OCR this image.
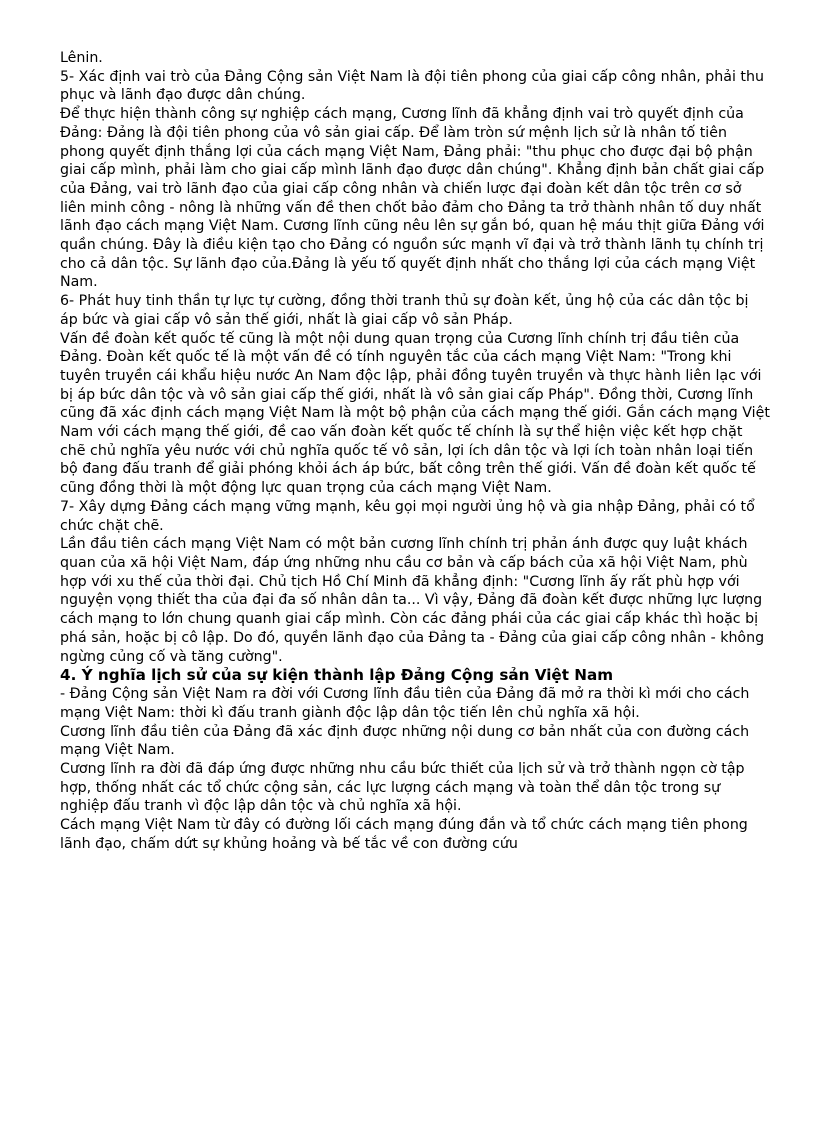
Lênin.

5- Xác định vai trò của Đảng Cộng sản Việt Nam là đội tiên phong của giai cấp công nhân, phải thu phục và lãnh đạo được dân chúng.

Để thực hiện thành công sự nghiệp cách mạng, Cương lĩnh đã khẳng định vai trò quyết định của Đảng: Đảng là đội tiên phong của vô sản giai cấp. Để làm tròn sứ mệnh lịch sử là nhân tố tiên phong quyết định thắng lợi của cách mạng Việt Nam, Đảng phải: "thu phục cho được đại bộ phận giai cấp mình, phải làm cho giai cấp mình lãnh đạo được dân chúng". Khẳng định bản chất giai cấp của Đảng, vai trò lãnh đạo của giai cấp công nhân và chiến lược đại đoàn kết dân tộc trên cơ sở liên minh công - nông là những vấn đề then chốt bảo đảm cho Đảng ta trở thành nhân tố duy nhất lãnh đạo cách mạng Việt Nam. Cương lĩnh cũng nêu lên sự gắn bó, quan hệ máu thịt giữa Đảng với quần chúng. Đây là điều kiện tạo cho Đảng có nguồn sức mạnh vĩ đại và trở thành lãnh tụ chính trị cho cả dân tộc. Sự lãnh đạo của.Đảng là yếu tố quyết định nhất cho thắng lợi của cách mạng Việt Nam.

6- Phát huy tinh thần tự lực tự cường, đồng thời tranh thủ sự đoàn kết, ủng hộ của các dân tộc bị áp bức và giai cấp vô sản thế giới, nhất là giai cấp vô sản Pháp.

Vấn đề đoàn kết quốc tế cũng là một nội dung quan trọng của Cương lĩnh chính trị đầu tiên của Đảng. Đoàn kết quốc tế là một vấn đề có tính nguyên tắc của cách mạng Việt Nam: "Trong khi tuyên truyền cái khẩu hiệu nước An Nam độc lập, phải đồng tuyên truyền và thực hành liên lạc với bị áp bức dân tộc và vô sản giai cấp thế giới, nhất là vô sản giai cấp Pháp". Đồng thời, Cương lĩnh cũng đã xác định cách mạng Việt Nam là một bộ phận của cách mạng thế giới. Gắn cách mạng Việt Nam với cách mạng thế giới, đề cao vấn đoàn kết quốc tế chính là sự thể hiện việc kết hợp chặt chẽ chủ nghĩa yêu nước với chủ nghĩa quốc tế vô sản, lợi ích dân tộc và lợi ích toàn nhân loại tiến bộ đang đấu tranh để giải phóng khỏi ách áp bức, bất công trên thế giới. Vấn đề đoàn kết quốc tế cũng đồng thời là một động lực quan trọng của cách mạng Việt Nam.

7- Xây dựng Đảng cách mạng vững mạnh, kêu gọi mọi người ủng hộ và gia nhập Đảng, phải có tổ chức chặt chẽ.

Lần đầu tiên cách mạng Việt Nam có một bản cương lĩnh chính trị phản ánh được quy luật khách quan của xã hội Việt Nam, đáp ứng những nhu cầu cơ bản và cấp bách của xã hội Việt Nam, phù hợp với xu thế của thời đại. Chủ tịch Hồ Chí Minh đã khẳng định: "Cương lĩnh ấy rất phù hợp với nguyện vọng thiết tha của đại đa số nhân dân ta... Vì vậy, Đảng đã đoàn kết được những lực lượng cách mạng to lớn chung quanh giai cấp mình. Còn các đảng phái của các giai cấp khác thì hoặc bị phá sản, hoặc bị cô lập. Do đó, quyền lãnh đạo của Đảng ta - Đảng của giai cấp công nhân - không ngừng củng cố và tăng cường".

4. Ý nghĩa lịch sử của sự kiện thành lập Đảng Cộng sản Việt Nam

- Đảng Cộng sản Việt Nam ra đời với Cương lĩnh đầu tiên của Đảng đã mở ra thời kì mới cho cách mạng Việt Nam: thời kì đấu tranh giành độc lập dân tộc tiến lên chủ nghĩa xã hội.

Cương lĩnh đầu tiên của Đảng đã xác định được những nội dung cơ bản nhất của con đường cách mạng Việt Nam.

Cương lĩnh ra đời đã đáp ứng được những nhu cầu bức thiết của lịch sử và trở thành ngọn cờ tập hợp, thống nhất các tổ chức cộng sản, các lực lượng cách mạng và toàn thể dân tộc trong sự nghiệp đấu tranh vì độc lập dân tộc và chủ nghĩa xã hội.

Cách mạng Việt Nam từ đây có đường lối cách mạng đúng đắn và tổ chức cách mạng tiên phong lãnh đạo, chấm dứt sự khủng hoảng và bế tắc về con đường cứu
